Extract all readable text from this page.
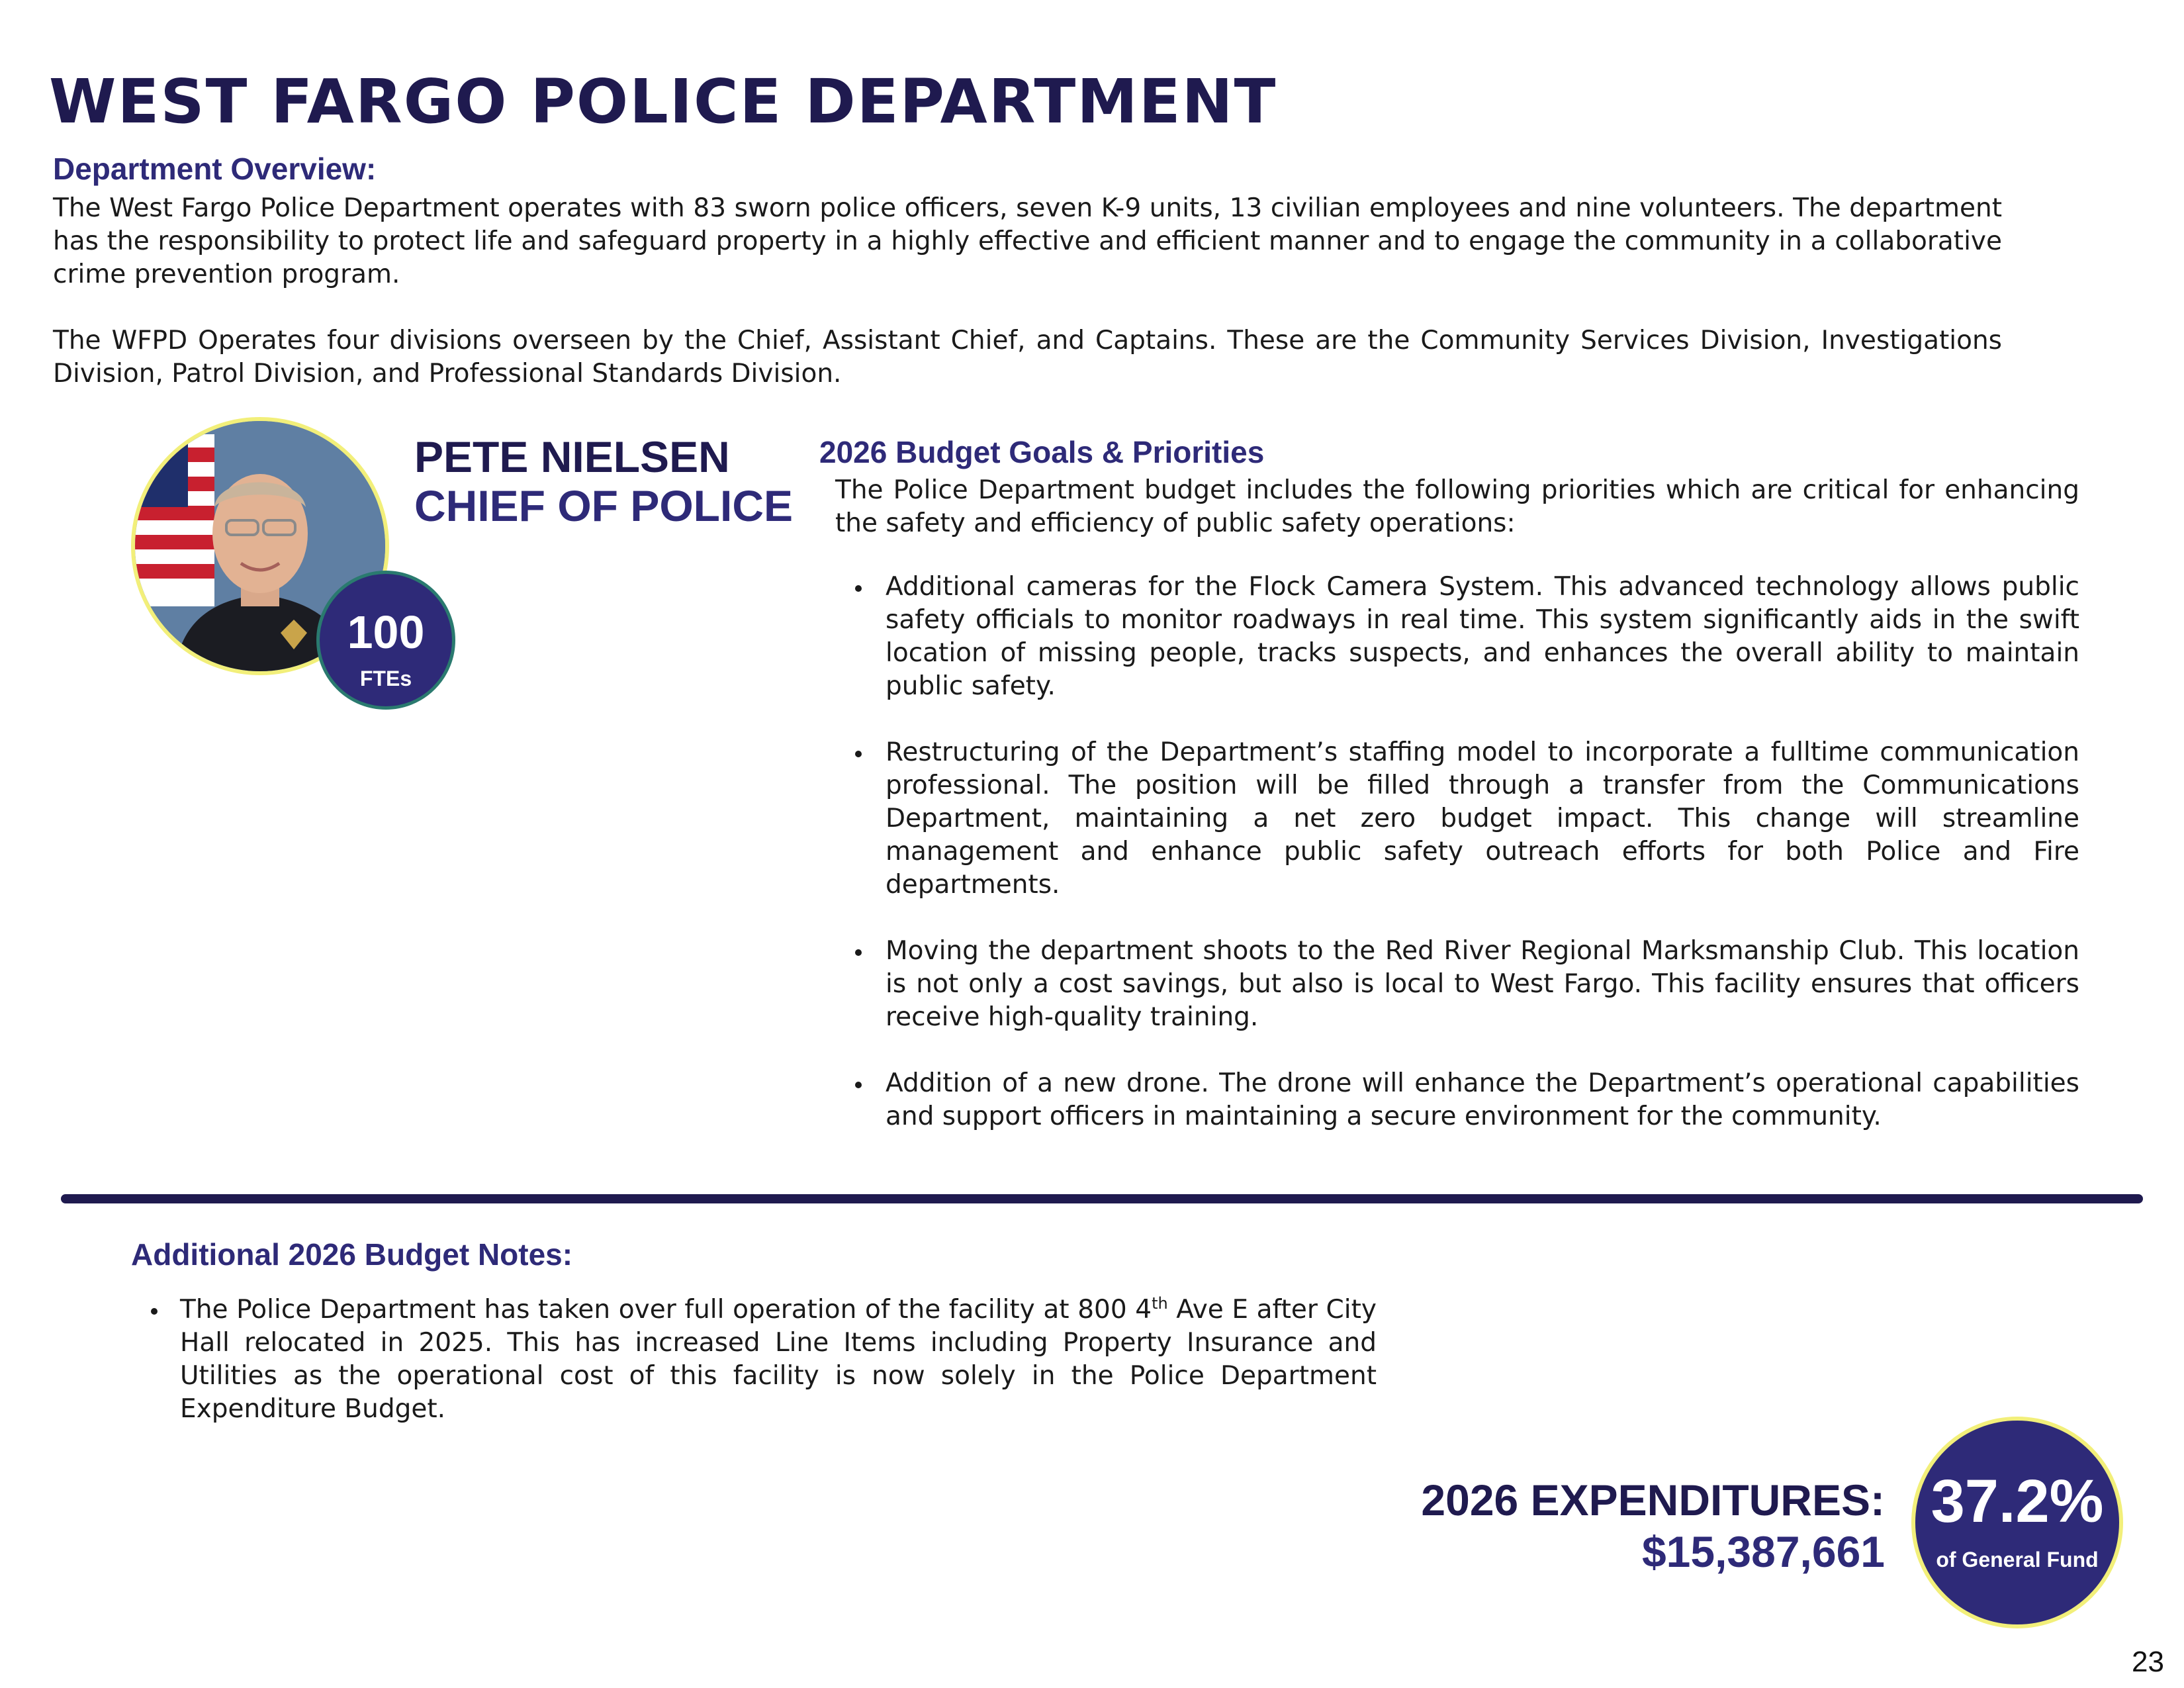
WEST FARGO POLICE DEPARTMENT
Department Overview:
The West Fargo Police Department operates with 83 sworn police officers, seven K-9 units, 13 civilian employees and nine volunteers. The department has the responsibility to protect life and safeguard property in a highly effective and efficient manner and to engage the community in a collaborative crime prevention program.
The WFPD Operates four divisions overseen by the Chief, Assistant Chief, and Captains. These are the Community Services Division, Investigations Division, Patrol Division, and Professional Standards Division.
100
FTEs
PETE NIELSEN
CHIEF OF POLICE
2026 Budget Goals & Priorities
The Police Department budget includes the following priorities which are critical for enhancing the safety and efficiency of public safety operations:
Additional cameras for the Flock Camera System. This advanced technology allows public safety officials to monitor roadways in real time. This system significantly aids in the swift location of missing people, tracks suspects, and enhances the overall ability to maintain public safety.
Restructuring of the Department’s staffing model to incorporate a fulltime communication professional. The position will be filled through a transfer from the Communications Department, maintaining a net zero budget impact. This change will streamline management and enhance public safety outreach efforts for both Police and Fire departments.
Moving the department shoots to the Red River Regional Marksmanship Club. This location is not only a cost savings, but also is local to West Fargo. This facility ensures that officers receive high-quality training.
Addition of a new drone. The drone will enhance the Department’s operational capabilities and support officers in maintaining a secure environment for the community.
Additional 2026 Budget Notes:
The Police Department has taken over full operation of the facility at 800 4th Ave E after City Hall relocated in 2025. This has increased Line Items including Property Insurance and Utilities as the operational cost of this facility is now solely in the Police Department Expenditure Budget.
2026 EXPENDITURES:
$15,387,661
37.2%
of General Fund
23
